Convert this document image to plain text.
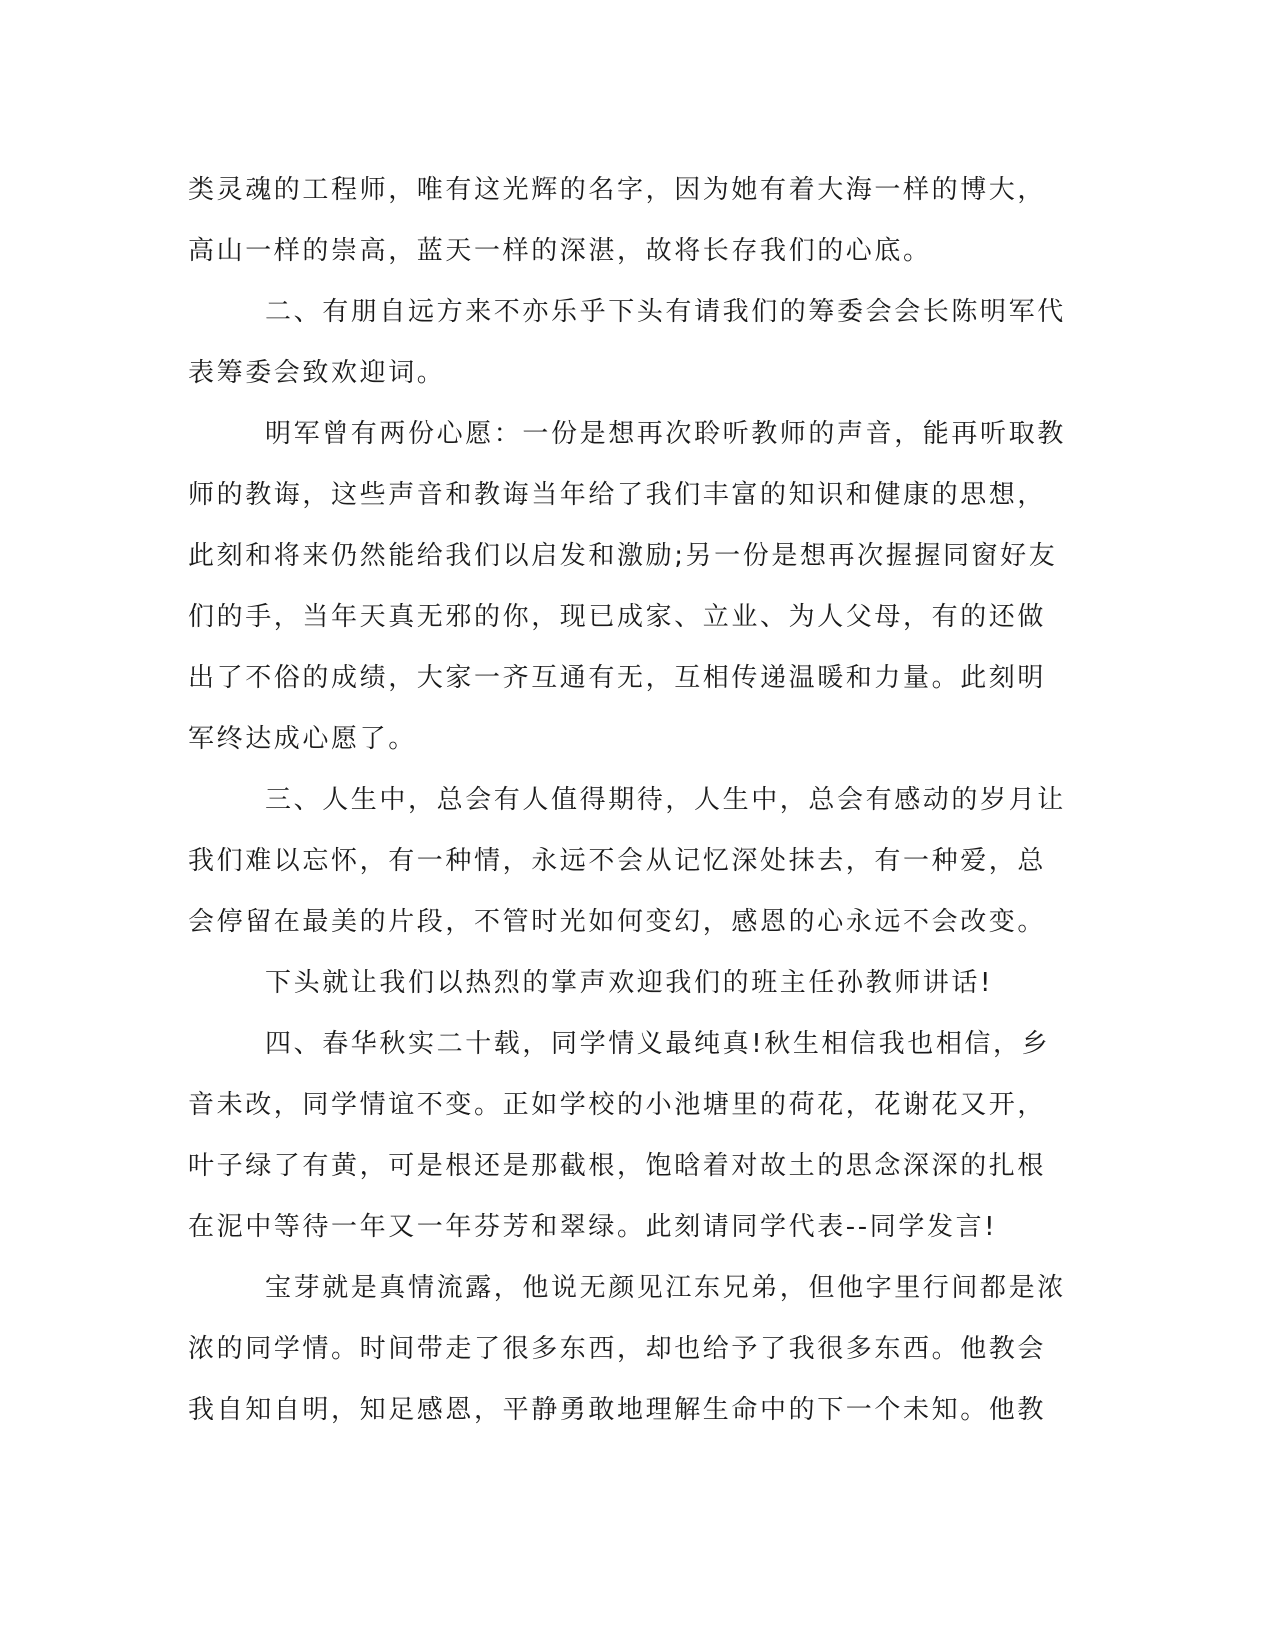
类灵魂的工程师，唯有这光辉的名字，因为她有着大海一样的博大，
高山一样的崇高，蓝天一样的深湛，故将长存我们的心底。

二、有朋自远方来不亦乐乎下头有请我们的筹委会会长陈明军代
表筹委会致欢迎词。

明军曾有两份心愿：一份是想再次聆听教师的声音，能再听取教
师的教诲，这些声音和教诲当年给了我们丰富的知识和健康的思想，
此刻和将来仍然能给我们以启发和激励;另一份是想再次握握同窗好友
们的手，当年天真无邪的你，现已成家、立业、为人父母，有的还做
出了不俗的成绩，大家一齐互通有无，互相传递温暖和力量。此刻明
军终达成心愿了。

三、人生中，总会有人值得期待，人生中，总会有感动的岁月让
我们难以忘怀，有一种情，永远不会从记忆深处抹去，有一种爱，总
会停留在最美的片段，不管时光如何变幻，感恩的心永远不会改变。

下头就让我们以热烈的掌声欢迎我们的班主任孙教师讲话!

四、春华秋实二十载，同学情义最纯真!秋生相信我也相信，乡
音未改，同学情谊不变。正如学校的小池塘里的荷花，花谢花又开，
叶子绿了有黄，可是根还是那截根，饱晗着对故土的思念深深的扎根
在泥中等待一年又一年芬芳和翠绿。此刻请同学代表--同学发言!

宝芽就是真情流露，他说无颜见江东兄弟，但他字里行间都是浓
浓的同学情。时间带走了很多东西，却也给予了我很多东西。他教会
我自知自明，知足感恩，平静勇敢地理解生命中的下一个未知。他教
